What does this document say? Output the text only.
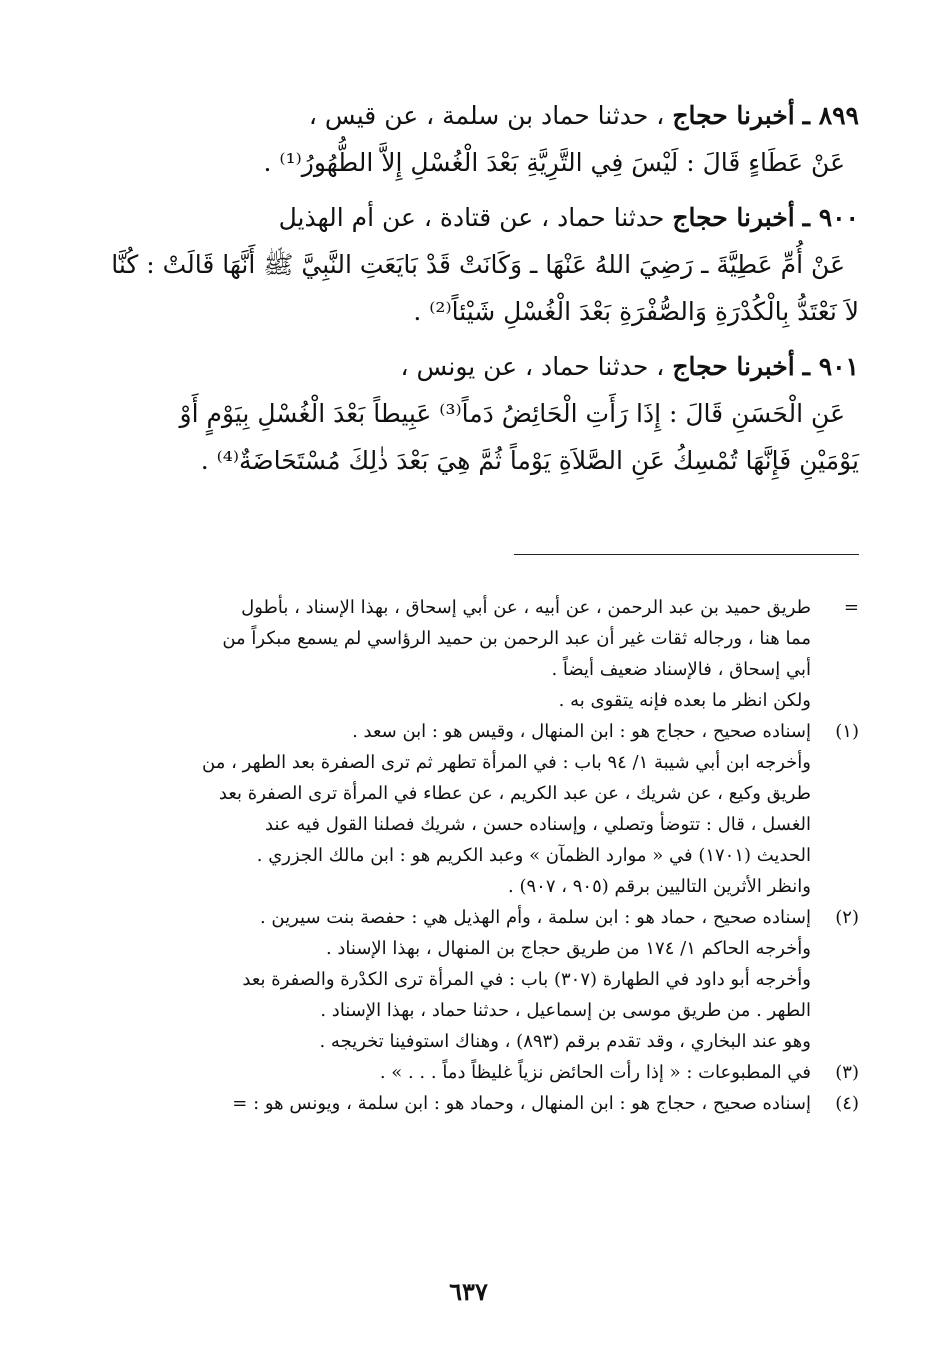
٨٩٩ ـ أخبرنا حجاج ، حدثنا حماد بن سلمة ، عن قيس ،
عَنْ عَطَاءٍ قَالَ : لَيْسَ فِي التَّرِيَّةِ بَعْدَ الْغُسْلِ إِلاَّ الطُّهُورُ⁽¹⁾ .
٩٠٠ ـ أخبرنا حجاج حدثنا حماد ، عن قتادة ، عن أم الهذيل
عَنْ أُمِّ عَطِيَّةَ ـ رَضِيَ اللهُ عَنْهَا ـ وَكَانَتْ قَدْ بَايَعَتِ النَّبِيَّ ﷺ أَنَّهَا قَالَتْ : كُنَّا
لاَ نَعْتَدُّ بِالْكُدْرَةِ وَالصُّفْرَةِ بَعْدَ الْغُسْلِ شَيْئاً⁽²⁾ .
٩٠١ ـ أخبرنا حجاج ، حدثنا حماد ، عن يونس ،
عَنِ الْحَسَنِ قَالَ : إِذَا رَأَتِ الْحَائِضُ دَماً⁽³⁾ عَبِيطاً بَعْدَ الْغُسْلِ بِيَوْمٍ أَوْ
يَوْمَيْنِ فَإِنَّهَا تُمْسِكُ عَنِ الصَّلاَةِ يَوْماً ثُمَّ هِيَ بَعْدَ ذٰلِكَ مُسْتَحَاضَةٌ⁽⁴⁾ .
=
طريق حميد بن عبد الرحمن ، عن أبيه ، عن أبي إسحاق ، بهذا الإسناد ، بأطول
مما هنا ، ورجاله ثقات غير أن عبد الرحمن بن حميد الرؤاسي لم يسمع مبكراً من
أبي إسحاق ، فالإسناد ضعيف أيضاً .
ولكن انظر ما بعده فإنه يتقوى به .
(١)
إسناده صحيح ، حجاج هو : ابن المنهال ، وقيس هو : ابن سعد .
وأخرجه ابن أبي شيبة ١/ ٩٤ باب : في المرأة تطهر ثم ترى الصفرة بعد الطهر ، من
طريق وكيع ، عن شريك ، عن عبد الكريم ، عن عطاء في المرأة ترى الصفرة بعد
الغسل ، قال : تتوضأ وتصلي ، وإسناده حسن ، شريك فصلنا القول فيه عند
الحديث (١٧٠١) في « موارد الظمآن » وعبد الكريم هو : ابن مالك الجزري .
وانظر الأثرين التاليين برقم (٩٠٥ ، ٩٠٧) .
(٢)
إسناده صحيح ، حماد هو : ابن سلمة ، وأم الهذيل هي : حفصة بنت سيرين .
وأخرجه الحاكم ١/ ١٧٤ من طريق حجاج بن المنهال ، بهذا الإسناد .
وأخرجه أبو داود في الطهارة (٣٠٧) باب : في المرأة ترى الكدْرة والصفرة بعد
الطهر . من طريق موسى بن إسماعيل ، حدثنا حماد ، بهذا الإسناد .
وهو عند البخاري ، وقد تقدم برقم (٨٩٣) ، وهناك استوفينا تخريجه .
(٣)
في المطبوعات : « إذا رأت الحائض نزياً غليظاً دماً . . . » .
(٤)
إسناده صحيح ، حجاج هو : ابن المنهال ، وحماد هو : ابن سلمة ، ويونس هو : =
٦٣٧
